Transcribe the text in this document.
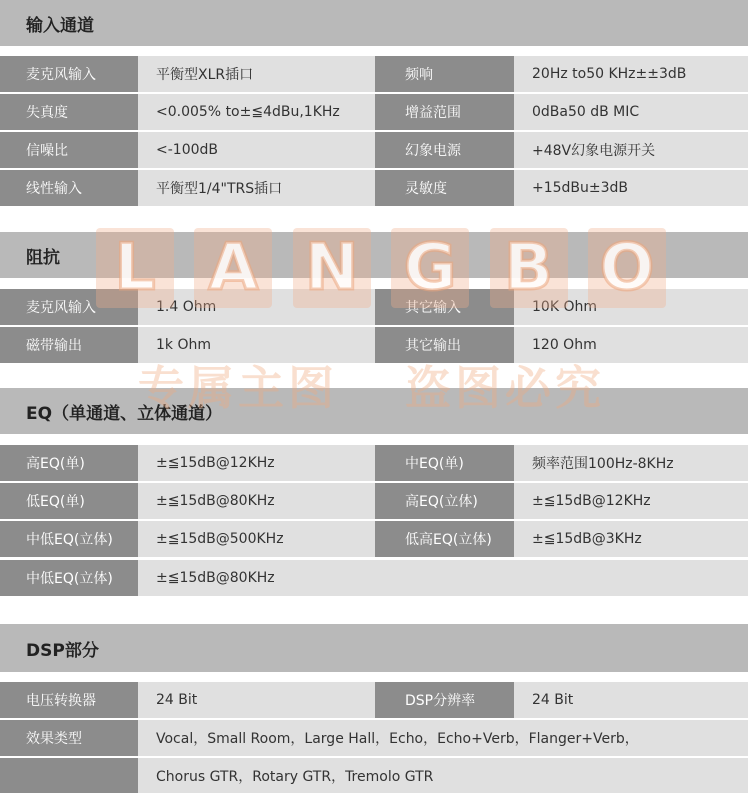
输入通道
麦克风输入	平衡型XLR插口	频响	20Hz to50 KHz±±3dB
失真度	<0.005% to±≦4dBu,1KHz	增益范围	0dBa50 dB MIC
信噪比	<-100dB	幻象电源	+48V幻象电源开关
线性输入	平衡型1/4"TRS插口	灵敏度	+15dBu±3dB
阻抗
麦克风输入	1.4 Ohm	其它输入	10K Ohm
磁带输出	1k Ohm	其它输出	120 Ohm
EQ（单通道、立体通道）
高EQ(单)	±≦15dB@12KHz	中EQ(单)	频率范围100Hz-8KHz
低EQ(单)	±≦15dB@80KHz	高EQ(立体)	±≦15dB@12KHz
中低EQ(立体)	±≦15dB@500KHz	低高EQ(立体)	±≦15dB@3KHz
中低EQ(立体)	±≦15dB@80KHz
DSP部分
电压转换器	24 Bit	DSP分辨率	24 Bit
效果类型	Vocal，Small Room，Large Hall，Echo，Echo+Verb，Flanger+Verb，
Chorus GTR，Rotary GTR，Tremolo GTR
L A N G B O
专属主图 盗图必究
